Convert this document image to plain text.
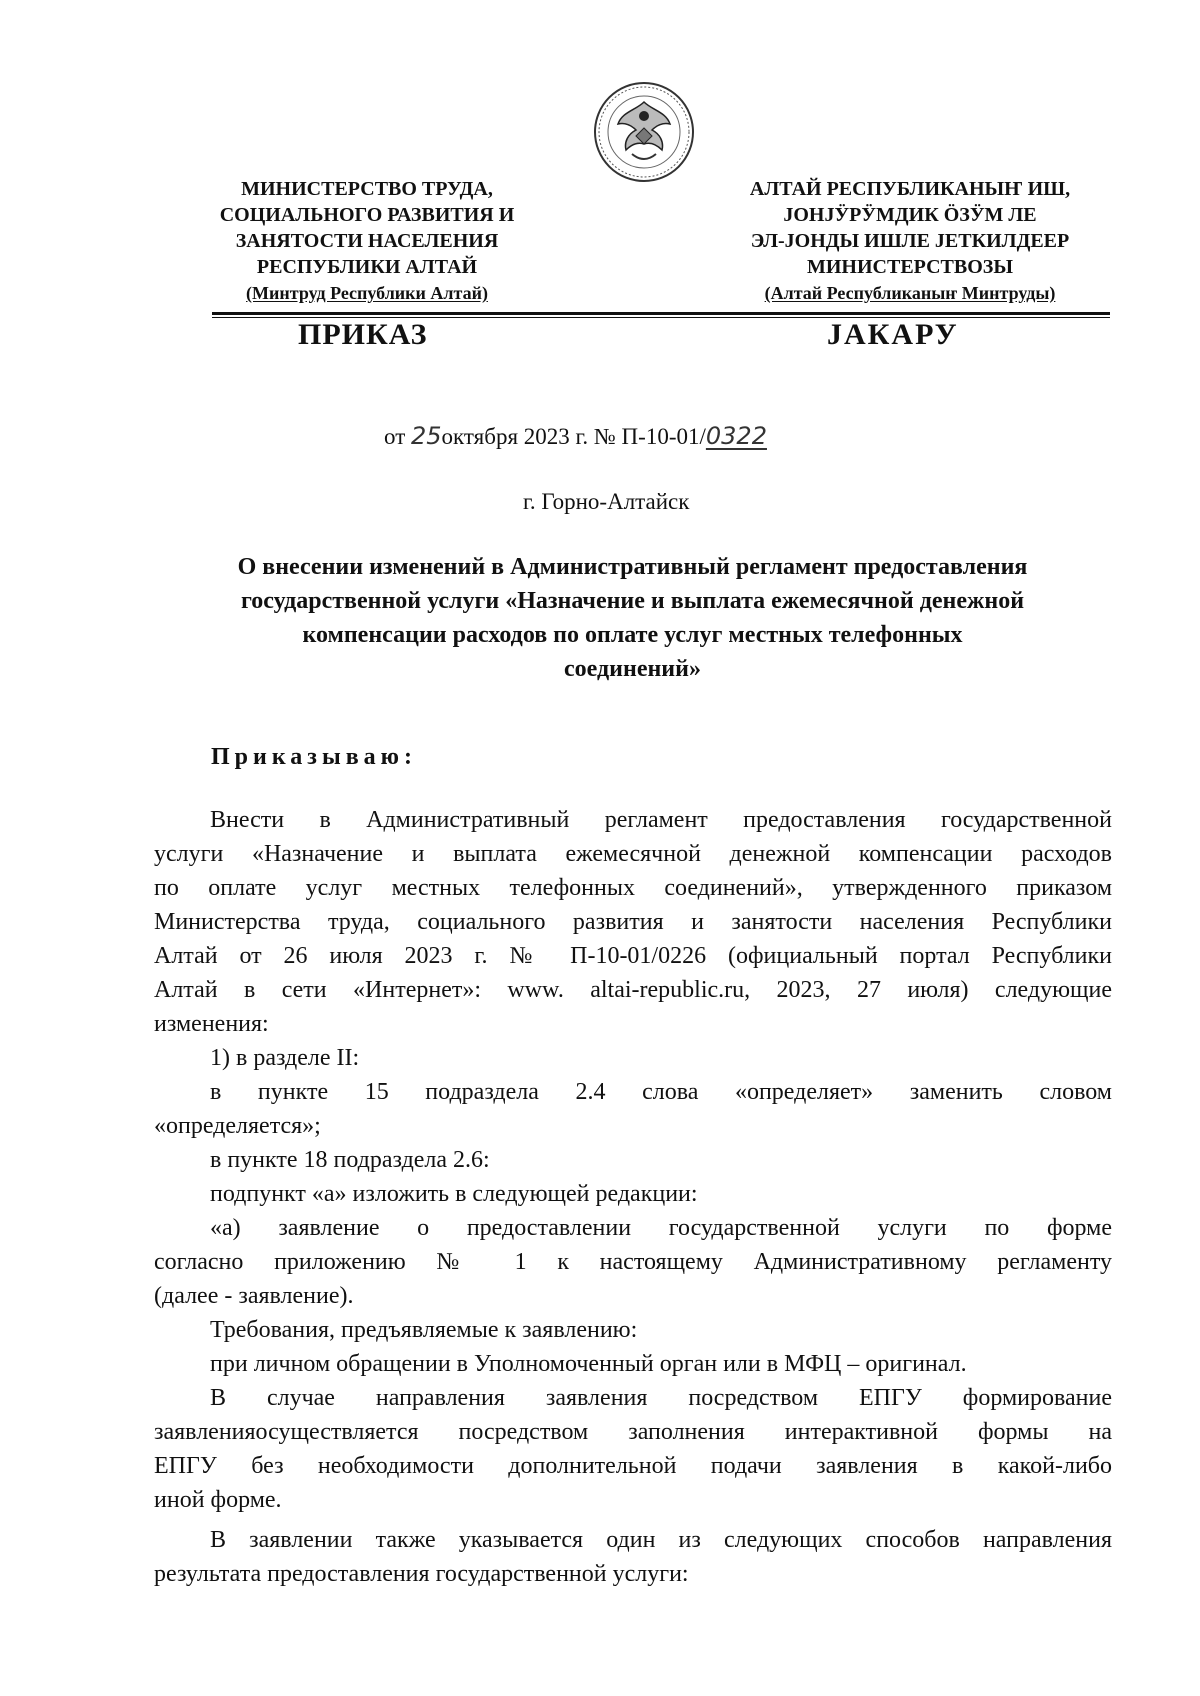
МИНИСТЕРСТВО ТРУДА,
СОЦИАЛЬНОГО РАЗВИТИЯ И
ЗАНЯТОСТИ НАСЕЛЕНИЯ
РЕСПУБЛИКИ АЛТАЙ
(Минтруд Республики Алтай)
АЛТАЙ РЕСПУБЛИКАНЫҤ ИШ,
ЈОНЈӰРӰМДИК ӦЗӰМ ЛЕ
ЭЛ-ЈОНДЫ ИШЛЕ ЈЕТКИЛДЕЕР
МИНИСТЕРСТВОЗЫ
(Алтай Республиканыҥ Минтруды)
ПРИКАЗ	ЈАКАРУ
от 25октября 2023 г. № П-10-01/0322
г. Горно-Алтайск
О внесении изменений в Административный регламент предоставления
государственной услуги «Назначение и выплата ежемесячной денежной
компенсации расходов по оплате услуг местных телефонных
соединений»
Приказываю:
Внести в Административный регламент предоставления государственной
услуги «Назначение и выплата ежемесячной денежной компенсации расходов
по оплате услуг местных телефонных соединений», утвержденного приказом
Министерства труда, социального развития и занятости населения Республики
Алтай от 26 июля 2023 г. № П-10-01/0226 (официальный портал Республики
Алтай в сети «Интернет»: www. altai-republic.ru, 2023, 27 июля) следующие
изменения:
1) в разделе II:
в пункте 15 подраздела 2.4 слова «определяет» заменить словом
«определяется»;
в пункте 18 подраздела 2.6:
подпункт «а» изложить в следующей редакции:
«а) заявление о предоставлении государственной услуги по форме
согласно приложению № 1 к настоящему Административному регламенту
(далее - заявление).
Требования, предъявляемые к заявлению:
при личном обращении в Уполномоченный орган или в МФЦ – оригинал.
В случае направления заявления посредством ЕПГУ формирование
заявленияосуществляется посредством заполнения интерактивной формы на
ЕПГУ без необходимости дополнительной подачи заявления в какой-либо
иной форме.
В заявлении также указывается один из следующих способов направления
результата предоставления государственной услуги:
